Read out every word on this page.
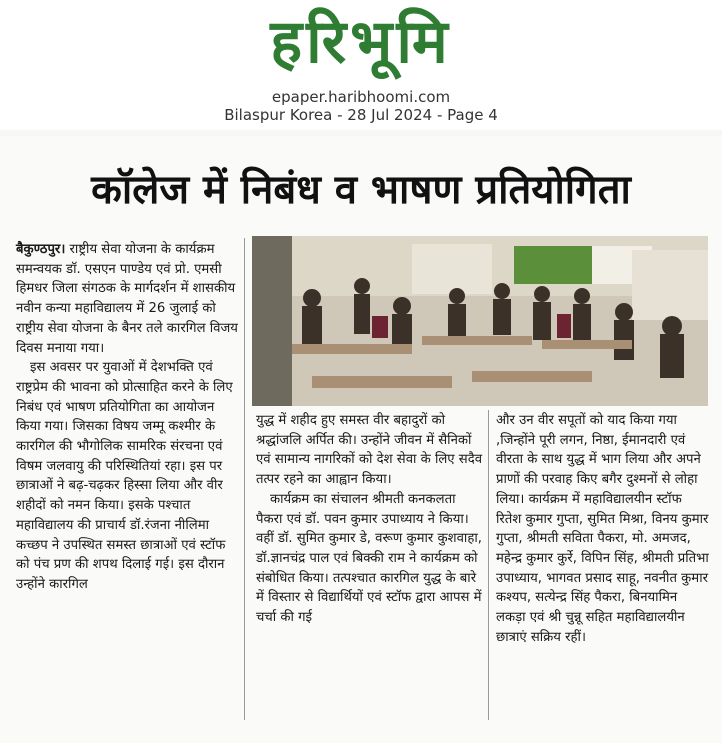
हरिभूमि
epaper.haribhoomi.com
Bilaspur Korea - 28 Jul 2024 - Page 4
कॉलेज में निबंध व भाषण प्रतियोगिता

बैकुण्ठपुर। राष्ट्रीय सेवा योजना के कार्यक्रम समन्वयक डॉ. एसएन पाण्डेय एवं प्रो. एमसी हिमधर जिला संगठक के मार्गदर्शन में शासकीय नवीन कन्या महाविद्यालय में 26 जुलाई को राष्ट्रीय सेवा योजना के बैनर तले कारगिल विजय दिवस मनाया गया।

इस अवसर पर युवाओं में देशभक्ति एवं राष्ट्रप्रेम की भावना को प्रोत्साहित करने के लिए निबंध एवं भाषण प्रतियोगिता का आयोजन किया गया। जिसका विषय जम्मू कश्मीर के कारगिल की भौगोलिक सामरिक संरचना एवं विषम जलवायु की परिस्थितियां रहा। इस पर छात्राओं ने बढ़-चढ़कर हिस्सा लिया और वीर शहीदों को नमन किया। इसके पश्चात महाविद्यालय की प्राचार्य डॉ.रंजना नीलिमा कच्छप ने उपस्थित समस्त छात्राओं एवं स्टॉफ को पंच प्रण की शपथ दिलाई गई। इस दौरान उन्होंने कारगिल

युद्ध में शहीद हुए समस्त वीर बहादुरों को श्रद्धांजलि अर्पित की। उन्होंने जीवन में सैनिकों एवं सामान्य नागरिकों को देश सेवा के लिए सदैव तत्पर रहने का आह्वान किया।

कार्यक्रम का संचालन श्रीमती कनकलता पैकरा एवं डॉ. पवन कुमार उपाध्याय ने किया। वहीं डॉ. सुमित कुमार डे, वरूण कुमार कुशवाहा, डॉ.ज्ञानचंद्र पाल एवं बिक्की राम ने कार्यक्रम को संबोधित किया। तत्पश्चात कारगिल युद्ध के बारे में विस्तार से विद्यार्थियों एवं स्टॉफ द्वारा आपस में चर्चा की गई

और उन वीर सपूतों को याद किया गया ,जिन्होंने पूरी लगन, निष्ठा, ईमानदारी एवं वीरता के साथ युद्ध में भाग लिया और अपने प्राणों की परवाह किए बगैर दुश्मनों से लोहा लिया। कार्यक्रम में महाविद्यालयीन स्टॉफ रितेश कुमार गुप्ता, सुमित मिश्रा, विनय कुमार गुप्ता, श्रीमती सविता पैकरा, मो. अमजद, महेन्द्र कुमार कुर्रे, विपिन सिंह, श्रीमती प्रतिभा उपाध्याय, भागवत प्रसाद साहू, नवनीत कुमार कश्यप, सत्येन्द्र सिंह पैकरा, बिनयामिन लकड़ा एवं श्री चुन्नू सहित महाविद्यालयीन छात्राएं सक्रिय रहीं।
